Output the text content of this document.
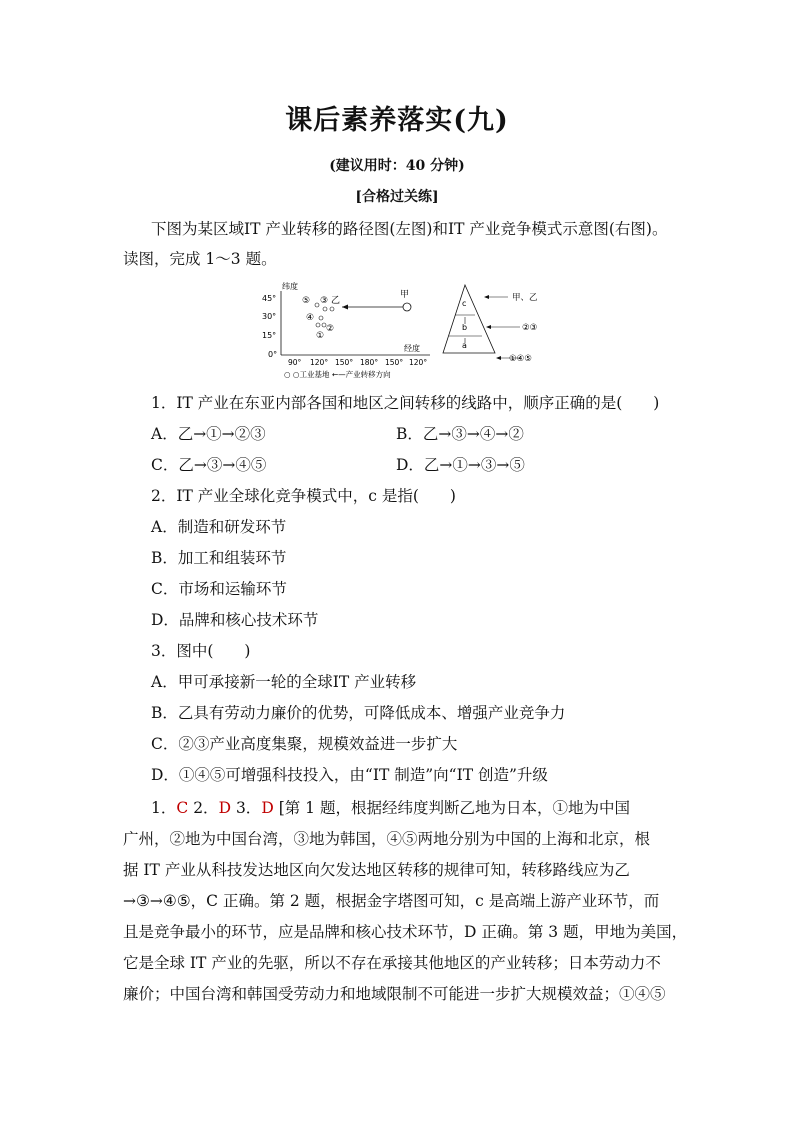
课后素养落实(九)
(建议用时：40 分钟)
[合格过关练]
下图为某区域IT 产业转移的路径图(左图)和IT 产业竞争模式示意图(右图)。
读图，完成 1～3 题。
纬度
45°
30°
15°
0°
经度
90° 120° 150° 180° 150° 120°
⑤ ③ 乙
④
①
②
甲
○ ○工业基地 ←—产业转移方向
c
b
a
甲、乙
②③
①④⑤
1．IT 产业在东亚内部各国和地区之间转移的线路中，顺序正确的是(　　)
A．乙→①→②③	B．乙→③→④→②
C．乙→③→④⑤	D．乙→①→③→⑤
2．IT 产业全球化竞争模式中，c 是指(　　)
A．制造和研发环节
B．加工和组装环节
C．市场和运输环节
D．品牌和核心技术环节
3．图中(　　)
A．甲可承接新一轮的全球IT 产业转移
B．乙具有劳动力廉价的优势，可降低成本、增强产业竞争力
C．②③产业高度集聚，规模效益进一步扩大
D．①④⑤可增强科技投入，由“IT 制造”向“IT 创造”升级
1．C 2．D 3．D [第 1 题，根据经纬度判断乙地为日本，①地为中国
广州，②地为中国台湾，③地为韩国，④⑤两地分别为中国的上海和北京，根
据 IT 产业从科技发达地区向欠发达地区转移的规律可知，转移路线应为乙
→③→④⑤，C 正确。第 2 题，根据金字塔图可知，c 是高端上游产业环节，而
且是竞争最小的环节，应是品牌和核心技术环节，D 正确。第 3 题，甲地为美国，
它是全球 IT 产业的先驱，所以不存在承接其他地区的产业转移；日本劳动力不
廉价；中国台湾和韩国受劳动力和地域限制不可能进一步扩大规模效益；①④⑤
